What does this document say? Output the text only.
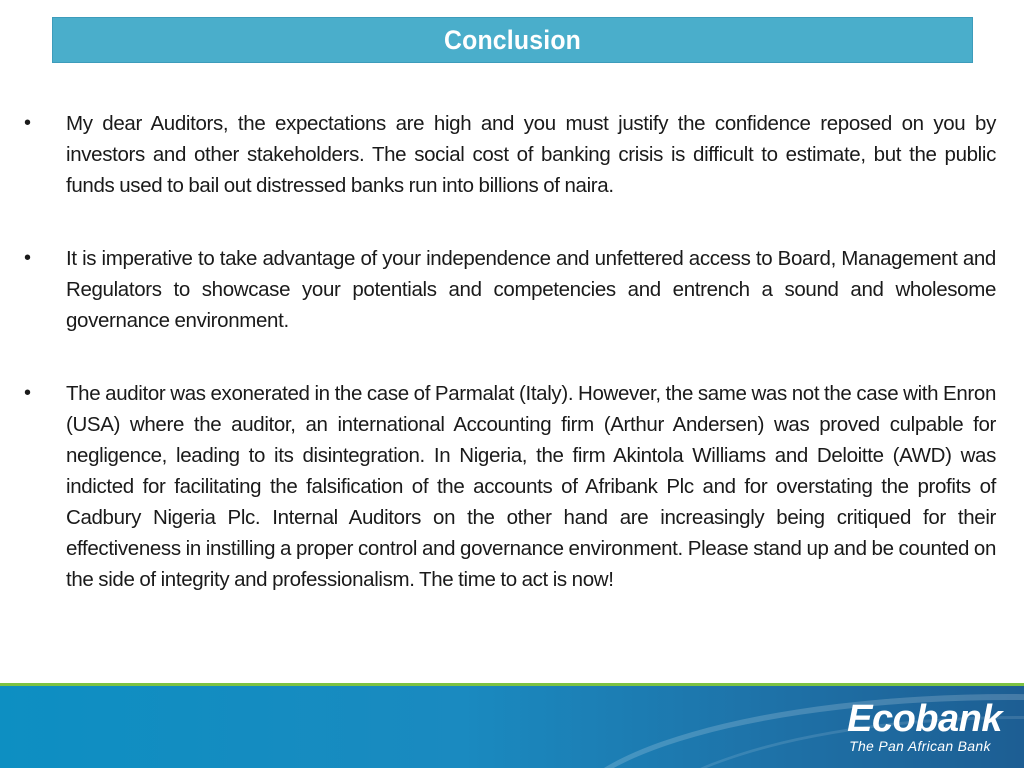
Conclusion
•	My dear Auditors, the expectations are high and you must justify the confidence reposed on you by investors and other stakeholders. The social cost of banking crisis is difficult to estimate, but the public funds used to bail out distressed banks run into billions of naira.

•	It is imperative to take advantage of your independence and unfettered access to Board, Management and Regulators to showcase your potentials and competencies and entrench a sound and wholesome governance environment.

•	The auditor was exonerated in the case of Parmalat (Italy). However, the same was not the case with Enron (USA) where the auditor, an international Accounting firm (Arthur Andersen) was proved culpable for negligence, leading to its disintegration. In Nigeria, the firm Akintola Williams and Deloitte (AWD) was indicted for facilitating the falsification of the accounts of Afribank Plc and for overstating the profits of Cadbury Nigeria Plc. Internal Auditors on the other hand are increasingly being critiqued for their effectiveness in instilling a proper control and governance environment. Please stand up and be counted on the side of integrity and professionalism. The time to act is now!

Ecobank
The Pan African Bank
